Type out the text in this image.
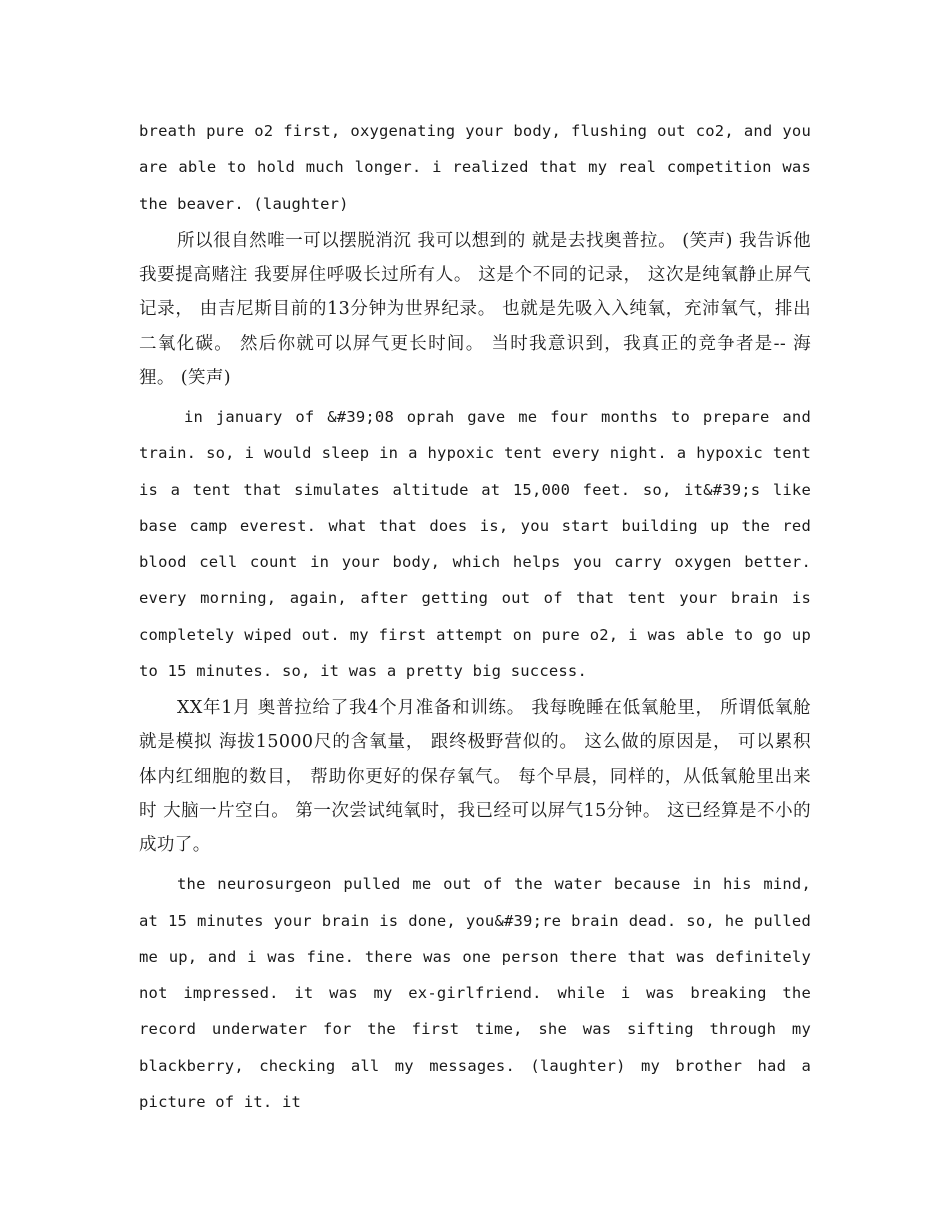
breath pure o2 first, oxygenating your body, flushing out co2, and you are able to hold much longer. i realized that my real competition was the beaver. (laughter)

所以很自然唯一可以摆脱消沉 我可以想到的 就是去找奥普拉。 (笑声) 我告诉他我要提高赌注 我要屏住呼吸长过所有人。 这是个不同的记录， 这次是纯氧静止屏气记录， 由吉尼斯目前的13分钟为世界纪录。 也就是先吸入入纯氧，充沛氧气，排出二氧化碳。 然后你就可以屏气更长时间。 当时我意识到，我真正的竞争者是-- 海狸。 (笑声)

in january of &#39;08 oprah gave me four months to prepare and train. so, i would sleep in a hypoxic tent every night. a hypoxic tent is a tent that simulates altitude at 15,000 feet. so, it&#39;s like base camp everest. what that does is, you start building up the red blood cell count in your body, which helps you carry oxygen better. every morning, again, after getting out of that tent your brain is completely wiped out. my first attempt on pure o2, i was able to go up to 15 minutes. so, it was a pretty big success.

XX年1月 奥普拉给了我4个月准备和训练。 我每晚睡在低氧舱里， 所谓低氧舱就是模拟 海拔15000尺的含氧量， 跟终极野营似的。 这么做的原因是， 可以累积体内红细胞的数目， 帮助你更好的保存氧气。 每个早晨，同样的，从低氧舱里出来时 大脑一片空白。 第一次尝试纯氧时，我已经可以屏气15分钟。 这已经算是不小的成功了。

the neurosurgeon pulled me out of the water because in his mind, at 15 minutes your brain is done, you&#39;re brain dead. so, he pulled me up, and i was fine. there was one person there that was definitely not impressed. it was my ex-girlfriend. while i was breaking the record underwater for the first time, she was sifting through my blackberry, checking all my messages. (laughter) my brother had a picture of it. it
